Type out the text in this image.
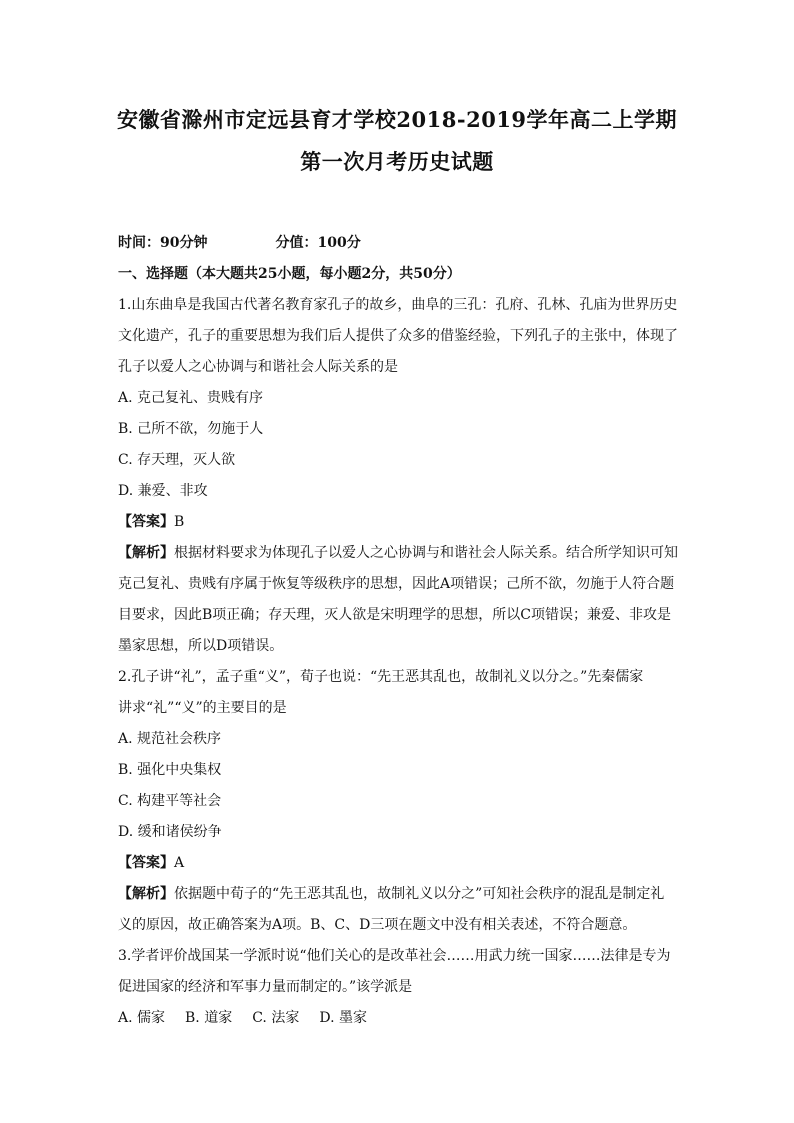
安徽省滁州市定远县育才学校2018-2019学年高二上学期
第一次月考历史试题
时间：90分钟	分值：100分
一、选择题（本大题共25小题，每小题2分，共50分）
1.山东曲阜是我国古代著名教育家孔子的故乡，曲阜的三孔：孔府、孔林、孔庙为世界历史
文化遗产，孔子的重要思想为我们后人提供了众多的借鉴经验，下列孔子的主张中，体现了
孔子以爱人之心协调与和谐社会人际关系的是
A. 克己复礼、贵贱有序
B. 己所不欲，勿施于人
C. 存天理，灭人欲
D. 兼爱、非攻
【答案】B
【解析】根据材料要求为体现孔子以爱人之心协调与和谐社会人际关系。结合所学知识可知
克己复礼、贵贱有序属于恢复等级秩序的思想，因此A项错误；己所不欲，勿施于人符合题
目要求，因此B项正确；存天理，灭人欲是宋明理学的思想，所以C项错误；兼爱、非攻是
墨家思想，所以D项错误。
2.孔子讲“礼”，孟子重“义”，荀子也说：“先王恶其乱也，故制礼义以分之。”先秦儒家
讲求“礼”“义”的主要目的是
A. 规范社会秩序
B. 强化中央集权
C. 构建平等社会
D. 缓和诸侯纷争
【答案】A
【解析】依据题中荀子的“先王恶其乱也，故制礼义以分之”可知社会秩序的混乱是制定礼
义的原因，故正确答案为A项。B、C、D三项在题文中没有相关表述，不符合题意。
3.学者评价战国某一学派时说“他们关心的是改革社会……用武力统一国家……法律是专为
促进国家的经济和军事力量而制定的。”该学派是
A. 儒家 B. 道家 C. 法家 D. 墨家
